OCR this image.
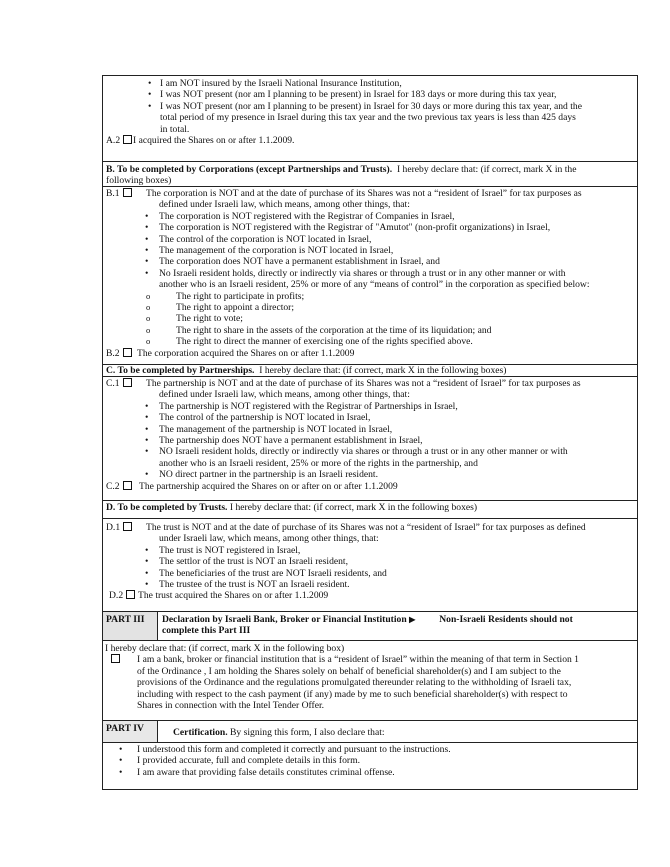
• I am NOT insured by the Israeli National Insurance Institution,
• I was NOT present (nor am I planning to be present) in Israel for 183 days or more during this tax year,
• I was NOT present (nor am I planning to be present) in Israel for 30 days or more during this tax year, and the
total period of my presence in Israel during this tax year and the two previous tax years is less than 425 days
in total.
A.2 I acquired the Shares on or after 1.1.2009.
B. To be completed by Corporations (except Partnerships and Trusts). I hereby declare that: (if correct, mark X in the
following boxes)
B.1	The corporation is NOT and at the date of purchase of its Shares was not a “resident of Israel” for tax purposes as
defined under Israeli law, which means, among other things, that:
• The corporation is NOT registered with the Registrar of Companies in Israel,
• The corporation is NOT registered with the Registrar of "Amutot" (non-profit organizations) in Israel,
• The control of the corporation is NOT located in Israel,
• The management of the corporation is NOT located in Israel,
• The corporation does NOT have a permanent establishment in Israel, and
• No Israeli resident holds, directly or indirectly via shares or through a trust or in any other manner or with
another who is an Israeli resident, 25% or more of any “means of control” in the corporation as specified below:
o	The right to participate in profits;
o	The right to appoint a director;
o	The right to vote;
o	The right to share in the assets of the corporation at the time of its liquidation; and
o	The right to direct the manner of exercising one of the rights specified above.
B.2 The corporation acquired the Shares on or after 1.1.2009
C. To be completed by Partnerships. I hereby declare that: (if correct, mark X in the following boxes)
C.1	The partnership is NOT and at the date of purchase of its Shares was not a “resident of Israel” for tax purposes as
defined under Israeli law, which means, among other things, that:
• The partnership is NOT registered with the Registrar of Partnerships in Israel,
• The control of the partnership is NOT located in Israel,
• The management of the partnership is NOT located in Israel,
• The partnership does NOT have a permanent establishment in Israel,
• NO Israeli resident holds, directly or indirectly via shares or through a trust or in any other manner or with
another who is an Israeli resident, 25% or more of the rights in the partnership, and
• NO direct partner in the partnership is an Israeli resident.
C.2 The partnership acquired the Shares on or after on or after 1.1.2009
D. To be completed by Trusts. I hereby declare that: (if correct, mark X in the following boxes)
D.1	The trust is NOT and at the date of purchase of its Shares was not a “resident of Israel” for tax purposes as defined
under Israeli law, which means, among other things, that:
• The trust is NOT registered in Israel,
• The settlor of the trust is NOT an Israeli resident,
• The beneficiaries of the trust are NOT Israeli residents, and
• The trustee of the trust is NOT an Israeli resident.
D.2 The trust acquired the Shares on or after 1.1.2009
PART III	Declaration by Israeli Bank, Broker or Financial Institution ▶	Non-Israeli Residents should not
complete this Part III
I hereby declare that: (if correct, mark X in the following box)
I am a bank, broker or financial institution that is a “resident of Israel” within the meaning of that term in Section 1
of the Ordinance , I am holding the Shares solely on behalf of beneficial shareholder(s) and I am subject to the
provisions of the Ordinance and the regulations promulgated thereunder relating to the withholding of Israeli tax,
including with respect to the cash payment (if any) made by me to such beneficial shareholder(s) with respect to
Shares in connection with the Intel Tender Offer.
PART IV	Certification. By signing this form, I also declare that:
• I understood this form and completed it correctly and pursuant to the instructions.
• I provided accurate, full and complete details in this form.
• I am aware that providing false details constitutes criminal offense.
